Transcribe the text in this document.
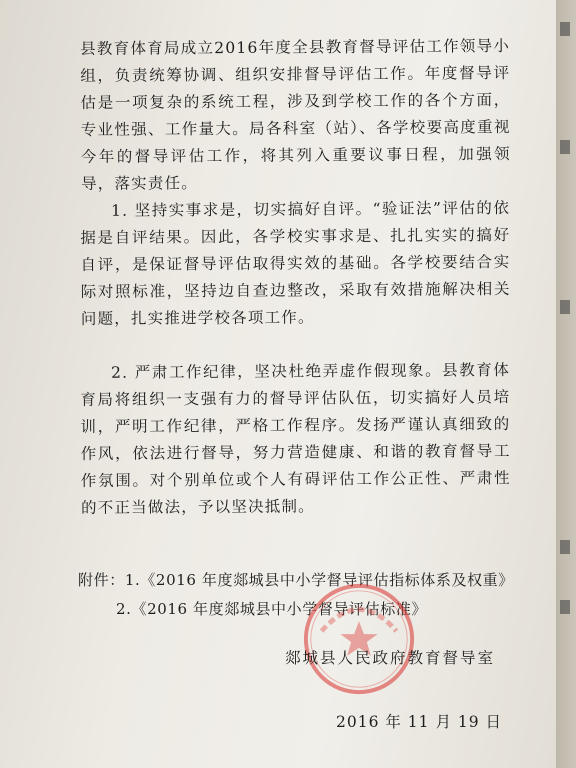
县教育体育局成立2016年度全县教育督导评估工作领导小组，负责统筹协调、组织安排督导评估工作。年度督导评估是一项复杂的系统工程，涉及到学校工作的各个方面，专业性强、工作量大。局各科室（站）、各学校要高度重视今年的督导评估工作，将其列入重要议事日程，加强领导，落实责任。

1. 坚持实事求是，切实搞好自评。“验证法”评估的依据是自评结果。因此，各学校实事求是、扎扎实实的搞好自评，是保证督导评估取得实效的基础。各学校要结合实际对照标准，坚持边自查边整改，采取有效措施解决相关问题，扎实推进学校各项工作。

2. 严肃工作纪律，坚决杜绝弄虚作假现象。县教育体育局将组织一支强有力的督导评估队伍，切实搞好人员培训，严明工作纪律，严格工作程序。发扬严谨认真细致的作风，依法进行督导，努力营造健康、和谐的教育督导工作氛围。对个别单位或个人有碍评估工作公正性、严肃性的不正当做法，予以坚决抵制。

附件：1.《2016 年度郯城县中小学督导评估指标体系及权重》
2.《2016 年度郯城县中小学督导评估标准》
郯城县人民政府教育督导室
2016 年 11 月 19 日
